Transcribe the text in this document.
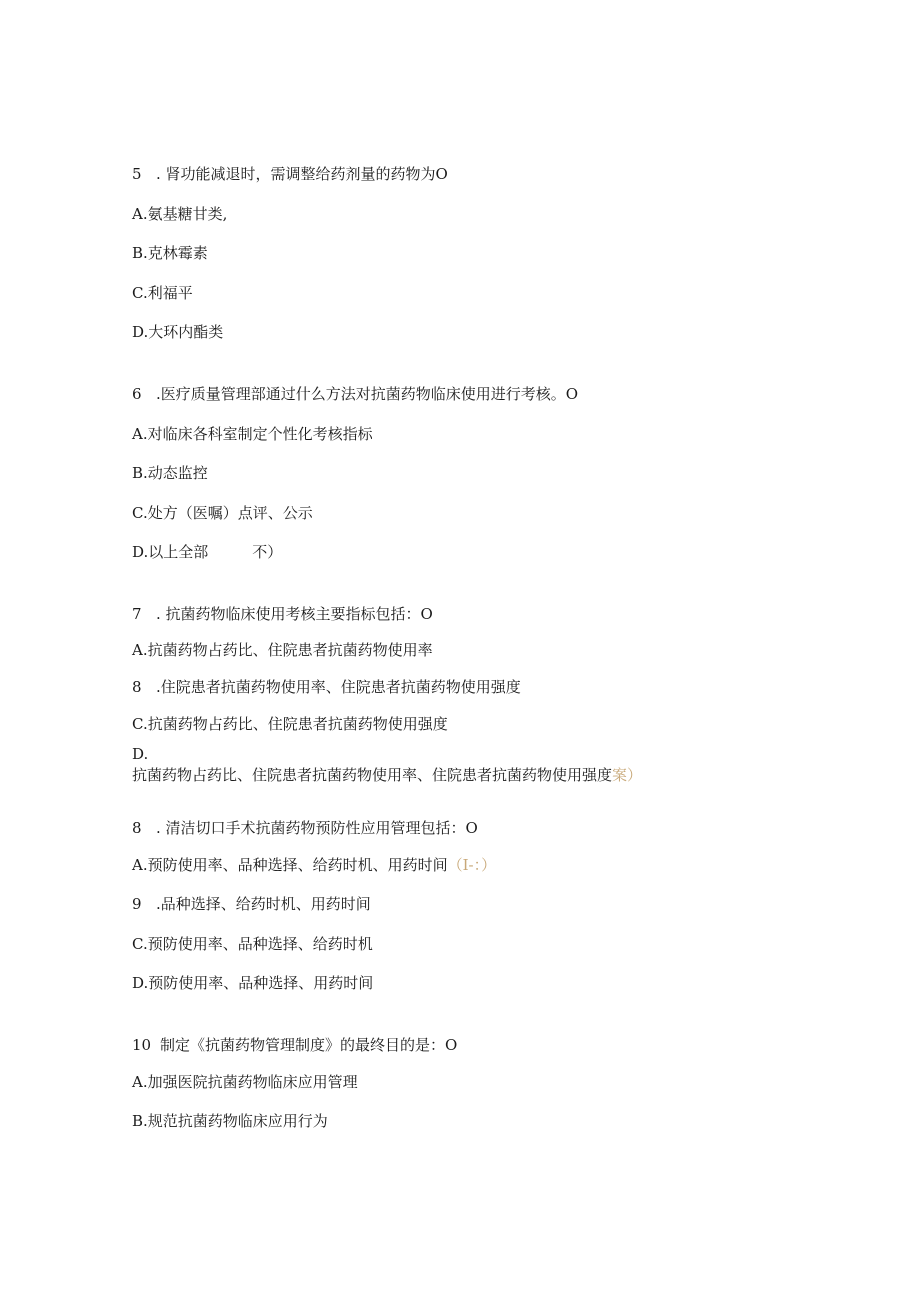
5 . 肾功能减退时，需调整给药剂量的药物为O
A.氨基糖甘类,
B.克林霉素
C.利福平
D.大环内酯类
6 .医疗质量管理部通过什么方法对抗菌药物临床使用进行考核。O
A.对临床各科室制定个性化考核指标
B.动态监控
C.处方（医嘱）点评、公示
D.以上全部	不）
7 . 抗菌药物临床使用考核主要指标包括：O
A.抗菌药物占药比、住院患者抗菌药物使用率
8 .住院患者抗菌药物使用率、住院患者抗菌药物使用强度
C.抗菌药物占药比、住院患者抗菌药物使用强度
D.
抗菌药物占药比、住院患者抗菌药物使用率、住院患者抗菌药物使用强度案）
8 . 清洁切口手术抗菌药物预防性应用管理包括：O
A.预防使用率、品种选择、给药时机、用药时间（I-：）
9 .品种选择、给药时机、用药时间
C.预防使用率、品种选择、给药时机
D.预防使用率、品种选择、用药时间
10 制定《抗菌药物管理制度》的最终目的是：O
A.加强医院抗菌药物临床应用管理
B.规范抗菌药物临床应用行为
